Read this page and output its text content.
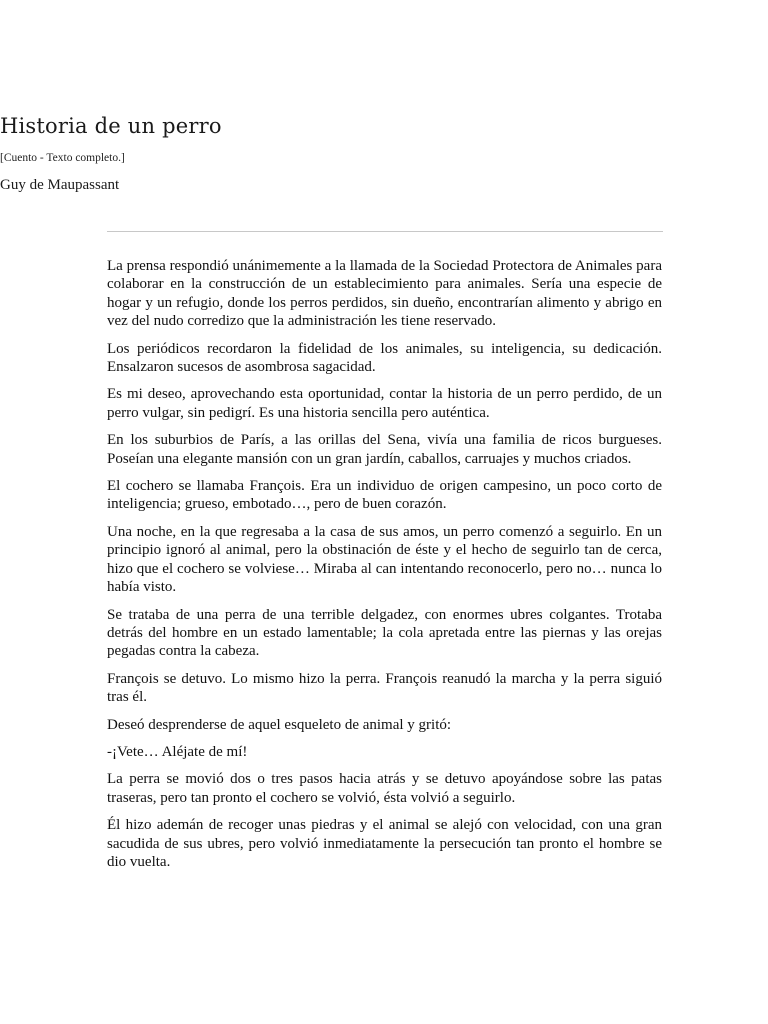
Historia de un perro
[Cuento - Texto completo.]
Guy de Maupassant

La prensa respondió unánimemente a la llamada de la Sociedad Protectora de Animales para colaborar en la construcción de un establecimiento para animales. Sería una especie de hogar y un refugio, donde los perros perdidos, sin dueño, encontrarían alimento y abrigo en vez del nudo corredizo que la administración les tiene reservado.

Los periódicos recordaron la fidelidad de los animales, su inteligencia, su dedicación. Ensalzaron sucesos de asombrosa sagacidad.

Es mi deseo, aprovechando esta oportunidad, contar la historia de un perro perdido, de un perro vulgar, sin pedigrí. Es una historia sencilla pero auténtica.

En los suburbios de París, a las orillas del Sena, vivía una familia de ricos burgueses. Poseían una elegante mansión con un gran jardín, caballos, carruajes y muchos criados.

El cochero se llamaba François. Era un individuo de origen campesino, un poco corto de inteligencia; grueso, embotado…, pero de buen corazón.

Una noche, en la que regresaba a la casa de sus amos, un perro comenzó a seguirlo. En un principio ignoró al animal, pero la obstinación de éste y el hecho de seguirlo tan de cerca, hizo que el cochero se volviese… Miraba al can intentando reconocerlo, pero no… nunca lo había visto.

Se trataba de una perra de una terrible delgadez, con enormes ubres colgantes. Trotaba detrás del hombre en un estado lamentable; la cola apretada entre las piernas y las orejas pegadas contra la cabeza.

François se detuvo. Lo mismo hizo la perra. François reanudó la marcha y la perra siguió tras él.

Deseó desprenderse de aquel esqueleto de animal y gritó:

-¡Vete… Aléjate de mí!

La perra se movió dos o tres pasos hacia atrás y se detuvo apoyándose sobre las patas traseras, pero tan pronto el cochero se volvió, ésta volvió a seguirlo.

Él hizo ademán de recoger unas piedras y el animal se alejó con velocidad, con una gran sacudida de sus ubres, pero volvió inmediatamente la persecución tan pronto el hombre se dio vuelta.
